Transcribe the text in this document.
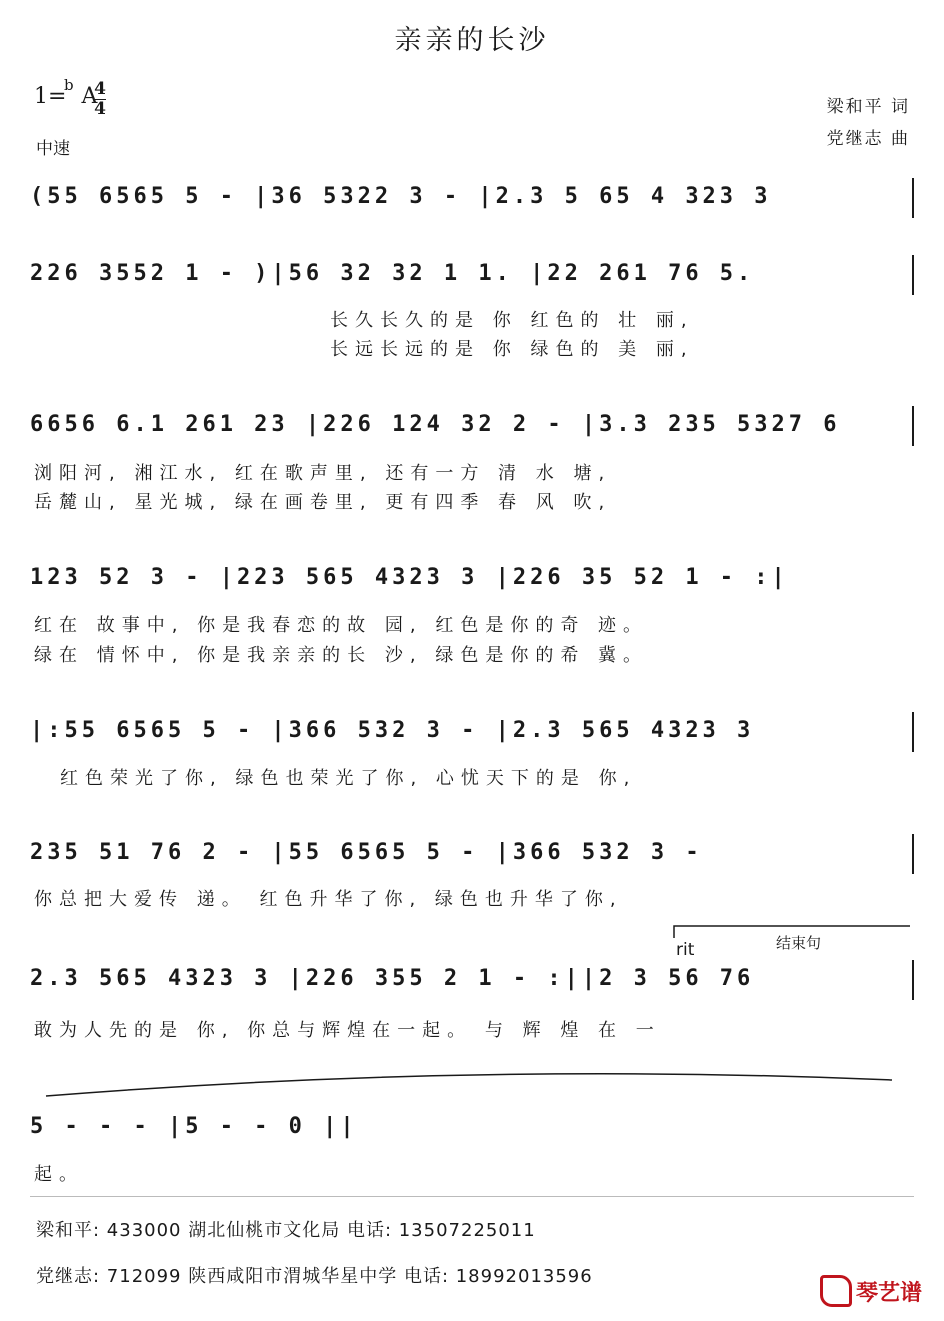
亲亲的长沙
1=
b A
4
4
中速
梁和平 词
党继志 曲
(55 6565 5 - |36 5322 3 - |2.3 5 65 4 323 3
226 3552 1 - )|56 32 32 1 1. |22 261 76 5.
长久长久的是 你 红色的 壮 丽,
长远长远的是 你 绿色的 美 丽,
6656 6.1 261 23 |226 124 32 2 - |3.3 235 5327 6
浏阳河, 湘江水, 红在歌声里, 还有一方 清 水 塘,
岳麓山, 星光城, 绿在画卷里, 更有四季 春 风 吹,
123 52 3 - |223 565 4323 3 |226 35 52 1 - :|
红在 故事中, 你是我春恋的故 园, 红色是你的奇 迹。
绿在 情怀中, 你是我亲亲的长 沙, 绿色是你的希 冀。
|:55 6565 5 - |366 532 3 - |2.3 565 4323 3
红色荣光了你, 绿色也荣光了你, 心忧天下的是 你,
235 51 76 2 - |55 6565 5 - |366 532 3 -
你总把大爱传 递。 红色升华了你, 绿色也升华了你,
rit	结束句
2.3 565 4323 3 |226 355 2 1 - :||2 3 56 76
敢为人先的是 你, 你总与辉煌在一起。 与 辉 煌 在 一
5 - - - |5 - - 0 ||
起。
梁和平: 433000 湖北仙桃市文化局 电话: 13507225011
党继志: 712099 陕西咸阳市渭城华星中学 电话: 18992013596
琴艺谱
